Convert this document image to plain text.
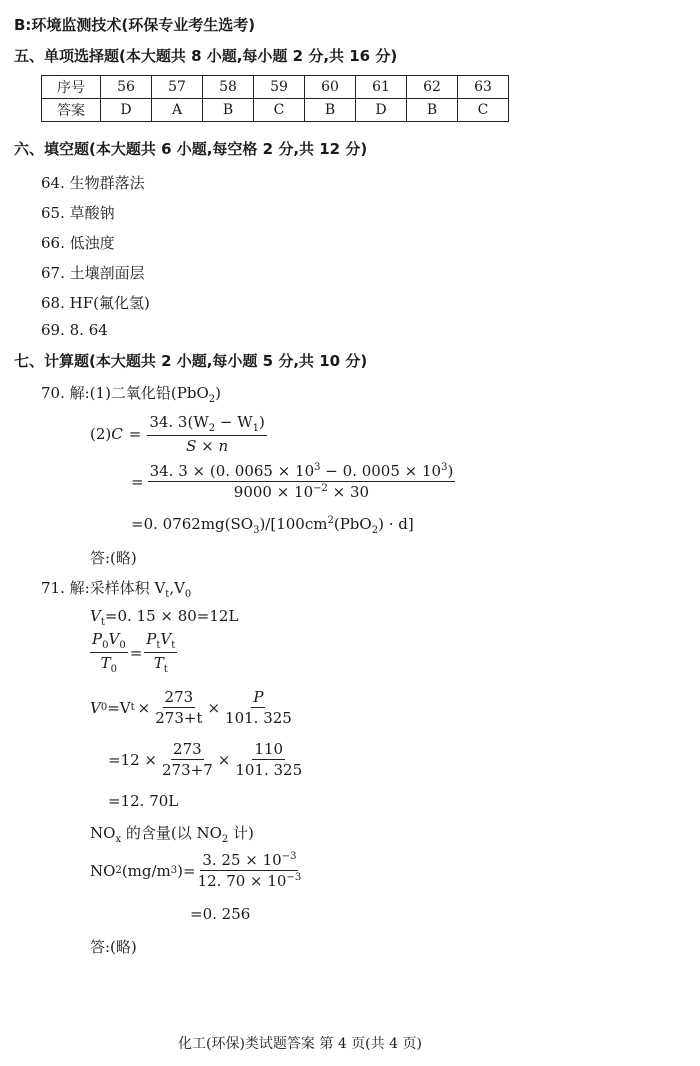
B:环境监测技术(环保专业考生选考)
五、单项选择题(本大题共 8 小题,每小题 2 分,共 16 分)
序号	56	57	58	59	60	61	62	63
答案	D	A	B	C	B	D	B	C
六、填空题(本大题共 6 小题,每空格 2 分,共 12 分)
64. 生物群落法
65. 草酸钠
66. 低浊度
67. 土壤剖面层
68. HF(氟化氢)
69. 8. 64
七、计算题(本大题共 2 小题,每小题 5 分,共 10 分)
70. 解:(1)二氧化铅(PbO$_2$)
(2) $C = \frac{34. 3(W_2 - W_1)}{S \times n}$
= $\frac{34. 3 \times (0. 0065 \times 10^3 - 0. 0005 \times 10^3)}{9000 \times 10^{-2} \times 30}$
=0. $0762mg(SO_3)/[100cm^2(PbO_2) \cdot d]$
答:(略)
71. 解:采样体积 $V_t,V_0$
$V_t=0$. 15 × 80=12L
$\frac{P_0V_0}{T_0} = \frac{P_tV_t}{T_t}$
V 0 =V $t \times \frac{273}{273+t} \times \frac{P}{101. 325}$
$=12 \times \frac{273}{273+7} \times \frac{110}{101. 325}$
=12. 70L
$NO_x$ 的含量(以 $NO_2$ 计)
NO 2 (mg/m 3 )= $\frac{3. 25 \times 10^{-3}}{12. 70 \times 10^{-3}}$
=0. 256
答:(略)
化工(环保)类试题答案 第 4 页(共 4 页)
